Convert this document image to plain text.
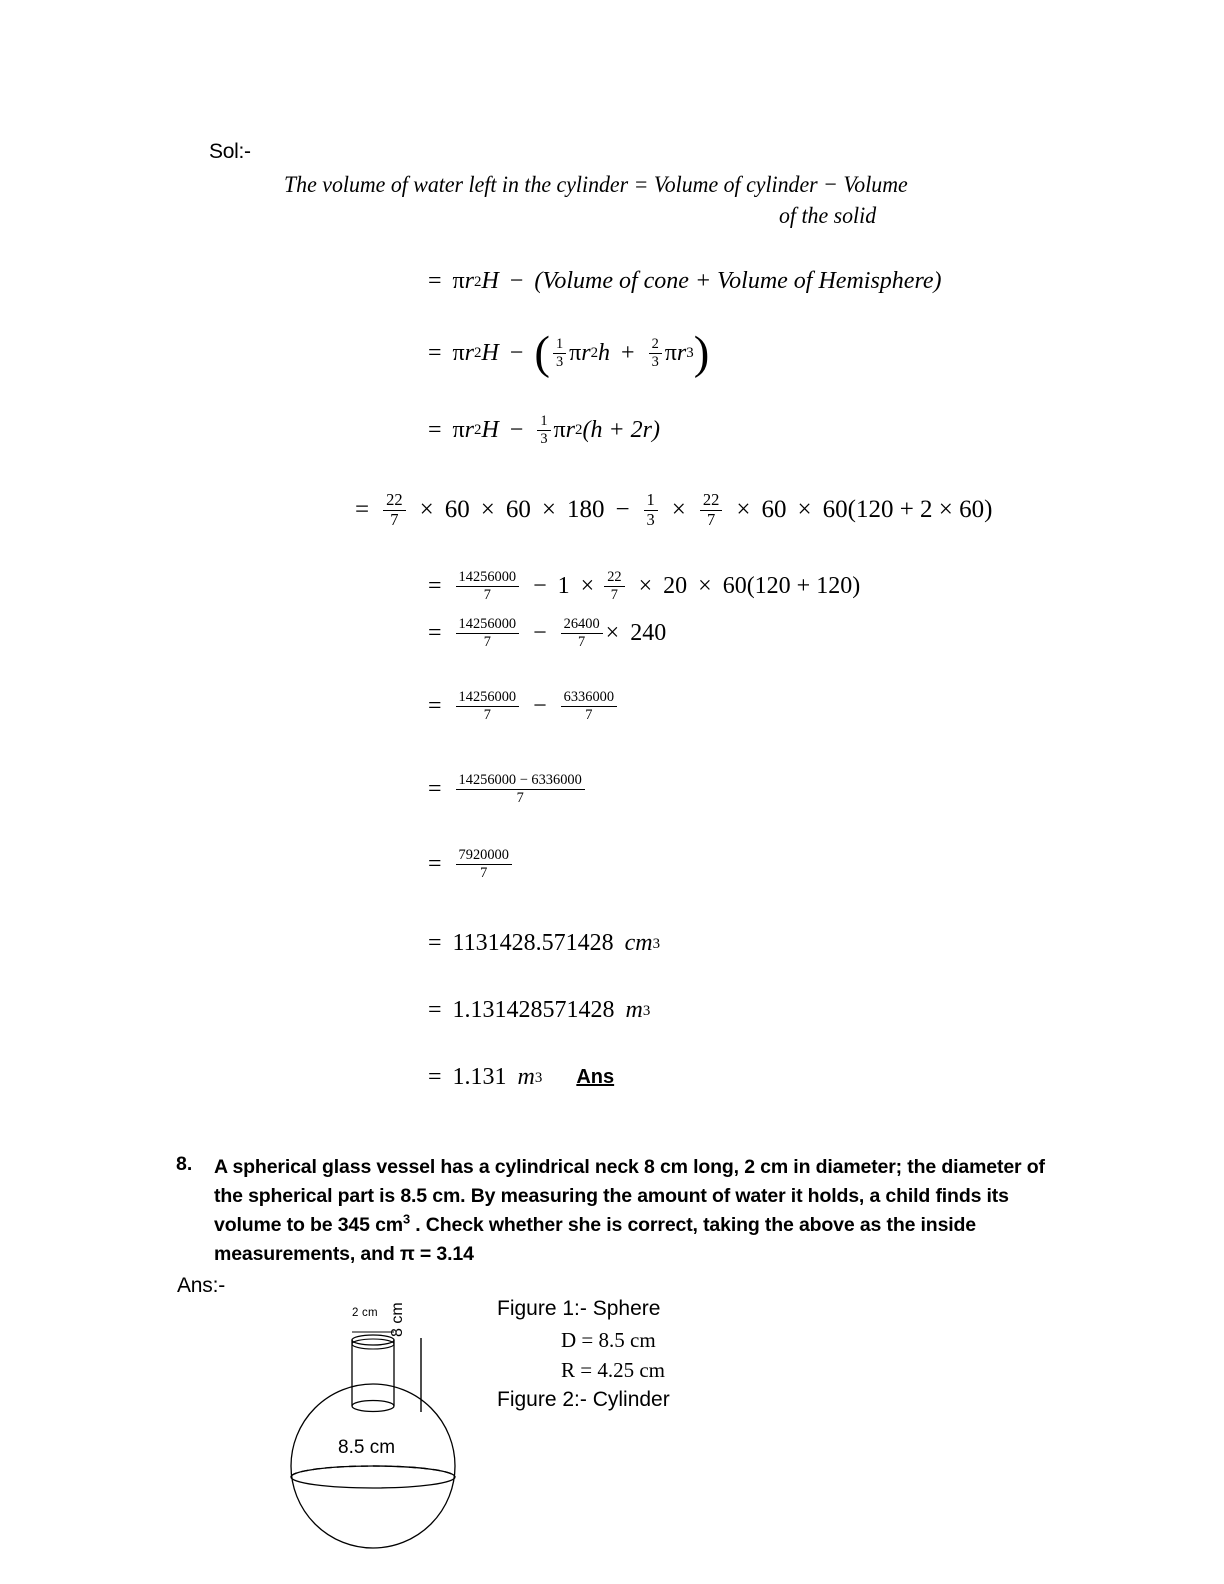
Sol:-
The volume of water left in the cylinder = Volume of cylinder − Volume
of the solid
= π r 2 H − (Volume of cone + Volume of Hemisphere)
= π r 2 H − ( $\frac{1}{3}$ π r 2 $h + \frac{2}{3}$ π r 3 )
= π r 2 $H - \frac{1}{3}$ π r 2 (h + 2r)
= $\frac{22}{7} \times 60 \times 60 \times 180 - \frac{1}{3} \times \frac{22}{7} \times 60 \times 60$ (120 + 2 × 60)
= $\frac{14256000}{7} - 1 \times \frac{22}{7} \times 20 \times 60$ (120 + 120)
= $\frac{14256000}{7} - \frac{26400}{7} \times 240$
= $\frac{14256000}{7} - \frac{6336000}{7}$
= $\frac{14256000 - 6336000}{7}$
= $\frac{7920000}{7}$
= 1131428.571428 cm 3
= 1.131428571428 m 3
= 1.131 m 3 Ans
8. A spherical glass vessel has a cylindrical neck 8 cm long, 2 cm in diameter; the diameter of the spherical part is 8.5 cm. By measuring the amount of water it holds, a child finds its volume to be 345 $cm^3$ . Check whether she is correct, taking the above as the inside measurements, and π = 3.14
Ans:-
Figure 1:- Sphere
D = 8.5 cm
R = 4.25 cm
Figure 2:- Cylinder
2 cm 8 cm
8.5 cm
